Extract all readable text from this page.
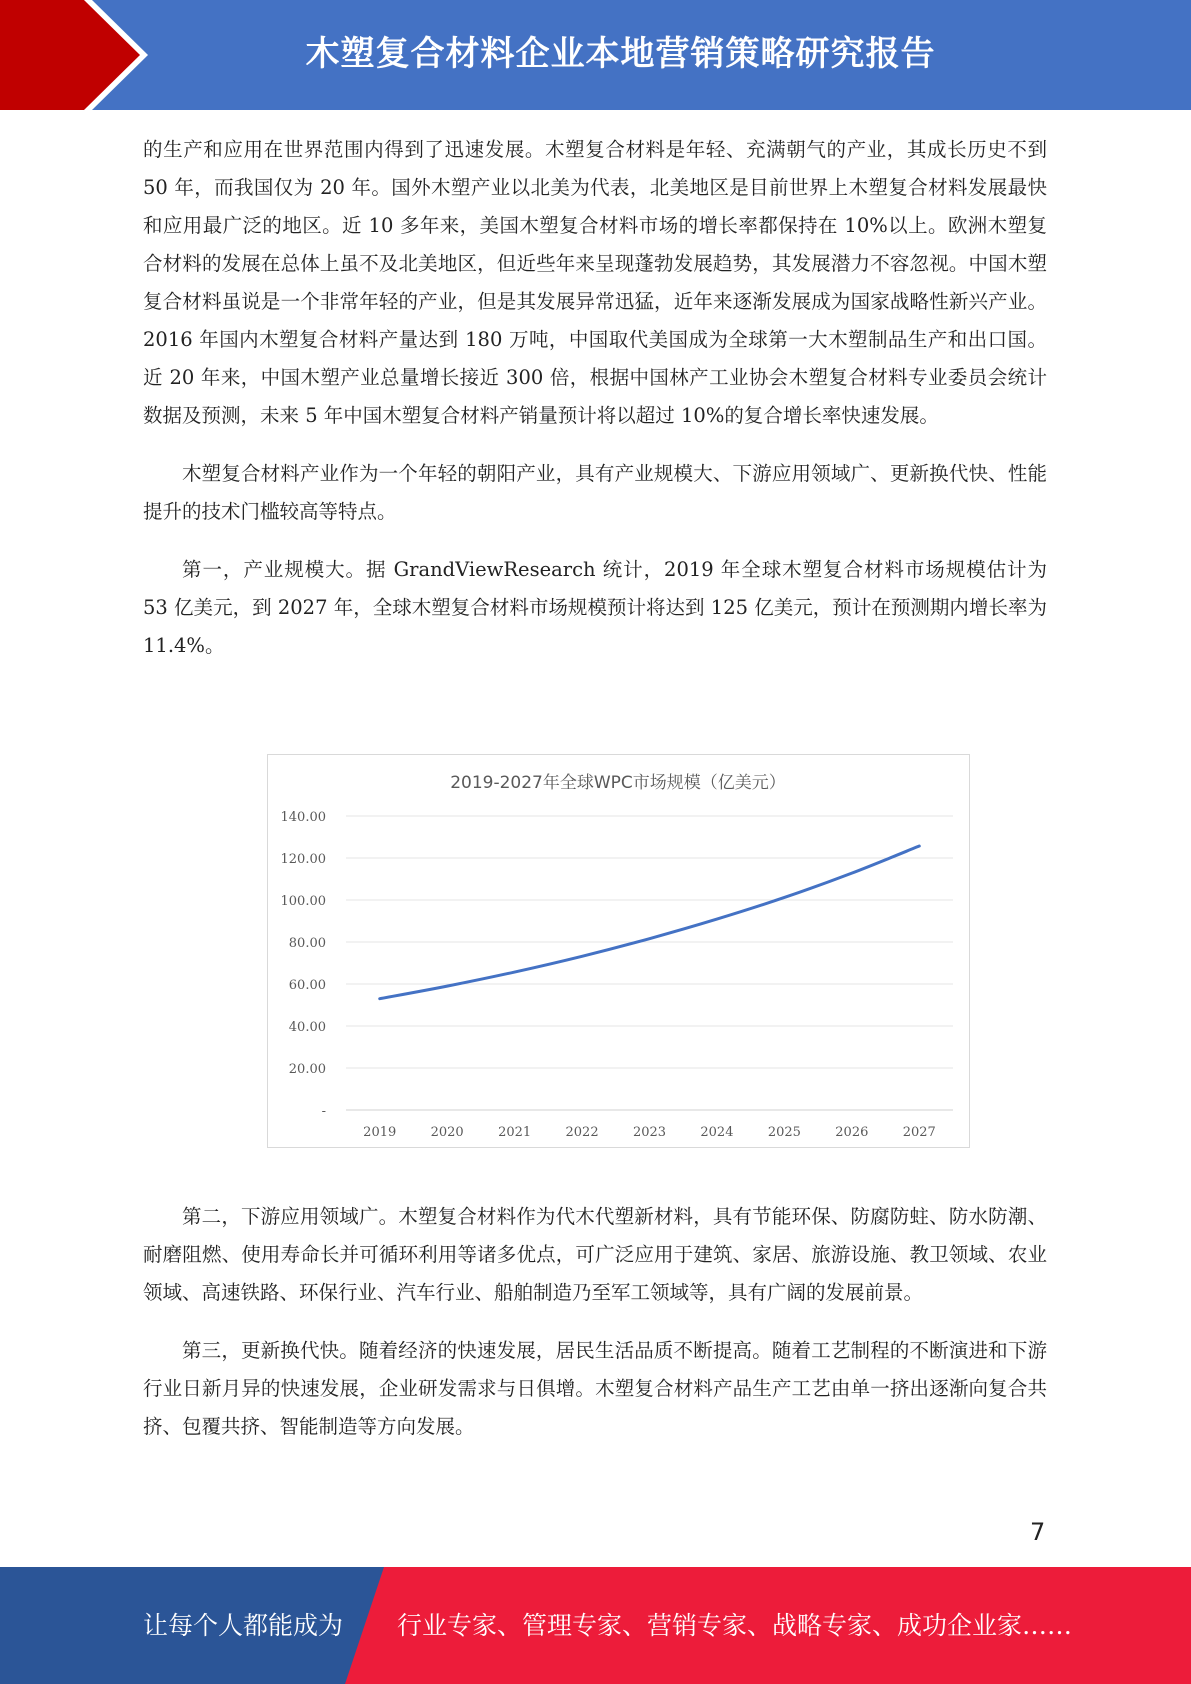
木塑复合材料企业本地营销策略研究报告

的生产和应用在世界范围内得到了迅速发展。木塑复合材料是年轻、充满朝气的产业，其成长历史不到 50 年，而我国仅为 20 年。国外木塑产业以北美为代表，北美地区是目前世界上木塑复合材料发展最快和应用最广泛的地区。近 10 多年来，美国木塑复合材料市场的增长率都保持在 10%以上。欧洲木塑复合材料的发展在总体上虽不及北美地区，但近些年来呈现蓬勃发展趋势，其发展潜力不容忽视。中国木塑复合材料虽说是一个非常年轻的产业，但是其发展异常迅猛，近年来逐渐发展成为国家战略性新兴产业。2016 年国内木塑复合材料产量达到 180 万吨，中国取代美国成为全球第一大木塑制品生产和出口国。近 20 年来，中国木塑产业总量增长接近 300 倍，根据中国林产工业协会木塑复合材料专业委员会统计数据及预测，未来 5 年中国木塑复合材料产销量预计将以超过 10%的复合增长率快速发展。

木塑复合材料产业作为一个年轻的朝阳产业，具有产业规模大、下游应用领域广、更新换代快、性能提升的技术门槛较高等特点。

第一，产业规模大。据 GrandViewResearch 统计，2019 年全球木塑复合材料市场规模估计为 53 亿美元，到 2027 年，全球木塑复合材料市场规模预计将达到 125 亿美元，预计在预测期内增长率为 11.4%。

2019-2027年全球WPC市场规模（亿美元）
-
20.00
40.00
60.00
80.00
100.00
120.00
140.00
2019	2020	2021	2022	2023	2024	2025	2026	2027

第二，下游应用领域广。木塑复合材料作为代木代塑新材料，具有节能环保、防腐防蛀、防水防潮、耐磨阻燃、使用寿命长并可循环利用等诸多优点，可广泛应用于建筑、家居、旅游设施、教卫领域、农业领域、高速铁路、环保行业、汽车行业、船舶制造乃至军工领域等，具有广阔的发展前景。

第三，更新换代快。随着经济的快速发展，居民生活品质不断提高。随着工艺制程的不断演进和下游行业日新月异的快速发展，企业研发需求与日俱增。木塑复合材料产品生产工艺由单一挤出逐渐向复合共挤、包覆共挤、智能制造等方向发展。

7
让每个人都能成为 行业专家、管理专家、营销专家、战略专家、成功企业家……
